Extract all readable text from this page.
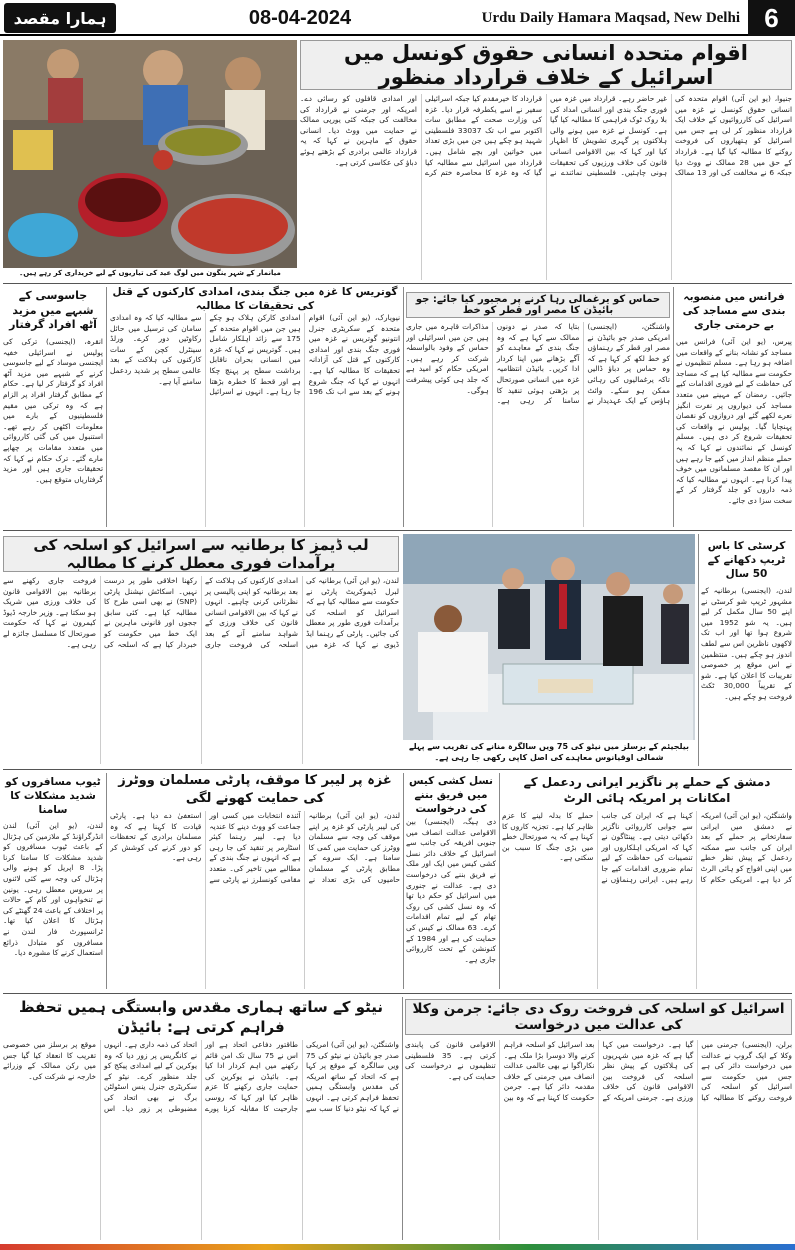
ہمارا مقصد	08-04-2024	Urdu Daily Hamara Maqsad, New Delhi 6
میانمار کے شہر ینگون میں لوگ عید کی تیاریوں کے لیے خریداری کر رہے ہیں۔
اقوام متحدہ انسانی حقوق کونسل میں اسرائیل کے خلاف قرارداد منظور
جنیوا، (یو این آئی) اقوام متحدہ کی انسانی حقوق کونسل نے غزہ میں اسرائیل کی کارروائیوں کے خلاف ایک قرارداد منظور کر لی ہے جس میں اسرائیل کو ہتھیاروں کی فروخت روکنے کا مطالبہ کیا گیا ہے۔ قرارداد کے حق میں 28 ممالک نے ووٹ دیا جبکہ 6 نے مخالفت کی اور 13 ممالک غیر حاضر رہے۔ قرارداد میں غزہ میں فوری جنگ بندی اور انسانی امداد کی بلا روک ٹوک فراہمی کا مطالبہ کیا گیا ہے۔ کونسل نے غزہ میں ہونے والی ہلاکتوں پر گہری تشویش کا اظہار کیا اور کہا کہ بین الاقوامی انسانی قانون کی خلاف ورزیوں کی تحقیقات ہونی چاہئیں۔ فلسطینی نمائندے نے قرارداد کا خیرمقدم کیا جبکہ اسرائیلی سفیر نے اسے یکطرفہ قرار دیا۔ غزہ کی وزارت صحت کے مطابق سات اکتوبر سے اب تک 33037 فلسطینی شہید ہو چکے ہیں جن میں بڑی تعداد میں خواتین اور بچے شامل ہیں۔ قرارداد میں اسرائیل سے مطالبہ کیا گیا کہ وہ غزہ کا محاصرہ ختم کرے اور امدادی قافلوں کو رسائی دے۔ امریکہ اور جرمنی نے قرارداد کی مخالفت کی جبکہ کئی یورپی ممالک نے حمایت میں ووٹ دیا۔ انسانی حقوق کے ماہرین نے کہا کہ یہ قرارداد عالمی برادری کے بڑھتے ہوئے دباؤ کی عکاسی کرتی ہے۔
جاسوسی کے شبہے میں مزید آٹھ افراد گرفتار
انقرہ، (ایجنسی) ترکی کی پولیس نے اسرائیلی خفیہ ایجنسی موساد کے لیے جاسوسی کرنے کے شبہے میں مزید آٹھ افراد کو گرفتار کر لیا ہے۔ حکام کے مطابق گرفتار افراد پر الزام ہے کہ وہ ترکی میں مقیم فلسطینیوں کے بارے میں معلومات اکٹھی کر رہے تھے۔ استنبول میں کی گئی کارروائی میں متعدد مقامات پر چھاپے مارے گئے۔ ترک حکام نے کہا کہ تحقیقات جاری ہیں اور مزید گرفتاریاں متوقع ہیں۔
گوتریس کا غزہ میں جنگ بندی، امدادی کارکنوں کے قتل کی تحقیقات کا مطالبہ
نیویارک، (یو این آئی) اقوام متحدہ کے سکریٹری جنرل انتونیو گوتریس نے غزہ میں فوری جنگ بندی اور امدادی کارکنوں کے قتل کی آزادانہ تحقیقات کا مطالبہ کیا ہے۔ انہوں نے کہا کہ جنگ شروع ہونے کے بعد سے اب تک 196 امدادی کارکن ہلاک ہو چکے ہیں جن میں اقوام متحدہ کے 175 سے زائد اہلکار شامل ہیں۔ گوتریس نے کہا کہ غزہ میں انسانی بحران ناقابل برداشت سطح پر پہنچ چکا ہے اور قحط کا خطرہ بڑھتا جا رہا ہے۔ انہوں نے اسرائیل سے مطالبہ کیا کہ وہ امدادی سامان کی ترسیل میں حائل رکاوٹیں دور کرے۔ ورلڈ سینٹرل کچن کے سات کارکنوں کی ہلاکت کے بعد عالمی سطح پر شدید ردعمل سامنے آیا ہے۔
حماس کو یرغمالی رہا کرنے پر مجبور کیا جائے: جو بائیڈن کا مصر اور قطر کو خط
واشنگٹن، (ایجنسی) امریکی صدر جو بائیڈن نے مصر اور قطر کے رہنماؤں کو خط لکھ کر کہا ہے کہ وہ حماس پر دباؤ ڈالیں تاکہ یرغمالیوں کی رہائی ممکن ہو سکے۔ وائٹ ہاؤس کے ایک عہدیدار نے بتایا کہ صدر نے دونوں ممالک سے کہا ہے کہ وہ جنگ بندی کے معاہدے کو آگے بڑھانے میں اپنا کردار ادا کریں۔ بائیڈن انتظامیہ غزہ میں انسانی صورتحال پر بڑھتی ہوئی تنقید کا سامنا کر رہی ہے۔ مذاکرات قاہرہ میں جاری ہیں جن میں اسرائیلی اور حماس کے وفود بالواسطہ شرکت کر رہے ہیں۔ امریکی حکام کو امید ہے کہ جلد ہی کوئی پیشرفت ہوگی۔
فرانس میں منصوبہ بندی سے مساجد کی بے حرمتی جاری
پیرس، (یو این آئی) فرانس میں مساجد کو نشانہ بنانے کے واقعات میں اضافہ ہو رہا ہے۔ مسلم تنظیموں نے حکومت سے مطالبہ کیا ہے کہ مساجد کی حفاظت کے لیے فوری اقدامات کیے جائیں۔ رمضان کے مہینے میں متعدد مساجد کی دیواروں پر نفرت انگیز نعرے لکھے گئے اور دروازوں کو نقصان پہنچایا گیا۔ پولیس نے واقعات کی تحقیقات شروع کر دی ہیں۔ مسلم کونسل کے نمائندوں نے کہا کہ یہ حملے منظم انداز میں کیے جا رہے ہیں اور ان کا مقصد مسلمانوں میں خوف پیدا کرنا ہے۔ انہوں نے مطالبہ کیا کہ ذمہ داروں کو جلد گرفتار کر کے سخت سزا دی جائے۔
لب ڈیمز کا برطانیہ سے اسرائیل کو اسلحہ کی برآمدات فوری معطل کرنے کا مطالبہ
لندن، (یو این آئی) برطانیہ کی لبرل ڈیموکریٹ پارٹی نے حکومت سے مطالبہ کیا ہے کہ اسرائیل کو اسلحہ کی برآمدات فوری طور پر معطل کی جائیں۔ پارٹی کے رہنما ایڈ ڈیوی نے کہا کہ غزہ میں امدادی کارکنوں کی ہلاکت کے بعد برطانیہ کو اپنی پالیسی پر نظرثانی کرنی چاہیے۔ انہوں نے کہا کہ بین الاقوامی انسانی قانون کی خلاف ورزی کے شواہد سامنے آنے کے بعد اسلحہ کی فروخت جاری رکھنا اخلاقی طور پر درست نہیں۔ اسکاٹش نیشنل پارٹی (SNP) نے بھی اسی طرح کا مطالبہ کیا ہے۔ کئی سابق ججوں اور قانونی ماہرین نے ایک خط میں حکومت کو خبردار کیا ہے کہ اسلحہ کی فروخت جاری رکھنے سے برطانیہ بین الاقوامی قانون کی خلاف ورزی میں شریک ہو سکتا ہے۔ وزیر خارجہ ڈیوڈ کیمرون نے کہا کہ حکومت صورتحال کا مسلسل جائزہ لے رہی ہے۔
بیلجیئم کے برسلز میں نیٹو کی 75 ویں سالگرہ منانے کی تقریب سے پہلے شمالی اوقیانوس معاہدے کی اصل کاپی رکھی جا رہی ہے۔
کرسٹی کا باس ٹریپ دکھانے کے 50 سال
لندن، (ایجنسی) برطانیہ کے مشہور ٹریپ شو کرسٹی نے اپنے 50 سال مکمل کر لیے ہیں۔ یہ شو 1952 میں شروع ہوا تھا اور اب تک لاکھوں ناظرین اس سے لطف اندوز ہو چکے ہیں۔ منتظمین نے اس موقع پر خصوصی تقریبات کا اعلان کیا ہے۔ شو کے تقریباً 30,000 ٹکٹ فروخت ہو چکے ہیں۔
ٹیوب مسافروں کو شدید مشکلات کا سامنا
لندن، (یو این آئی) لندن انڈرگراؤنڈ کے ملازمین کی ہڑتال کے باعث ٹیوب مسافروں کو شدید مشکلات کا سامنا کرنا پڑا۔ 8 اپریل کو ہونے والی ہڑتال کی وجہ سے کئی لائنوں پر سروس معطل رہی۔ یونین نے تنخواہوں اور کام کے حالات پر اختلاف کے باعث 24 گھنٹے کی ہڑتال کا اعلان کیا تھا۔ ٹرانسپورٹ فار لندن نے مسافروں کو متبادل ذرائع استعمال کرنے کا مشورہ دیا۔
غزہ پر لیبر کا موقف، پارٹی مسلمان ووٹرز کی حمایت کھونے لگی
لندن، (یو این آئی) برطانیہ کی لیبر پارٹی کو غزہ پر اپنے موقف کی وجہ سے مسلمان ووٹرز کی حمایت میں کمی کا سامنا ہے۔ ایک سروے کے مطابق پارٹی کے مسلمان حامیوں کی بڑی تعداد نے آئندہ انتخابات میں کسی اور جماعت کو ووٹ دینے کا عندیہ دیا ہے۔ لیبر رہنما کیئر اسٹارمر پر تنقید کی جا رہی ہے کہ انہوں نے جنگ بندی کے مطالبے میں تاخیر کی۔ متعدد مقامی کونسلرز نے پارٹی سے استعفیٰ دے دیا ہے۔ پارٹی قیادت کا کہنا ہے کہ وہ مسلمان برادری کے تحفظات کو دور کرنے کی کوشش کر رہی ہے۔
نسل کشی کیس میں فریق بننے کی درخواست
دی ہیگ، (ایجنسی) بین الاقوامی عدالت انصاف میں جنوبی افریقہ کی جانب سے اسرائیل کے خلاف دائر نسل کشی کیس میں ایک اور ملک نے فریق بننے کی درخواست دی ہے۔ عدالت نے جنوری میں اسرائیل کو حکم دیا تھا کہ وہ نسل کشی کی روک تھام کے لیے تمام اقدامات کرے۔ 63 ممالک نے کیس کی حمایت کی ہے اور 1984 کے کنونشن کے تحت کارروائی جاری ہے۔
دمشق کے حملے پر ناگزیر ایرانی ردعمل کے امکانات پر امریکہ ہائی الرٹ
واشنگٹن، (یو این آئی) امریکہ نے دمشق میں ایرانی سفارتخانے پر حملے کے بعد ایران کی جانب سے ممکنہ ردعمل کے پیش نظر خطے میں اپنی افواج کو ہائی الرٹ کر دیا ہے۔ امریکی حکام کا کہنا ہے کہ ایران کی جانب سے جوابی کارروائی ناگزیر دکھائی دیتی ہے۔ پینٹاگون نے کہا کہ امریکی اہلکاروں اور تنصیبات کی حفاظت کے لیے تمام ضروری اقدامات کیے جا رہے ہیں۔ ایرانی رہنماؤں نے حملے کا بدلہ لینے کا عزم ظاہر کیا ہے۔ تجزیہ کاروں کا کہنا ہے کہ یہ صورتحال خطے میں بڑی جنگ کا سبب بن سکتی ہے۔
نیٹو کے ساتھ ہماری مقدس وابستگی ہمیں تحفظ فراہم کرتی ہے: بائیڈن
واشنگٹن، (یو این آئی) امریکی صدر جو بائیڈن نے نیٹو کی 75 ویں سالگرہ کے موقع پر کہا ہے کہ اتحاد کے ساتھ امریکہ کی مقدس وابستگی ہمیں تحفظ فراہم کرتی ہے۔ انہوں نے کہا کہ نیٹو دنیا کا سب سے طاقتور دفاعی اتحاد ہے اور اس نے 75 سال تک امن قائم رکھنے میں اہم کردار ادا کیا ہے۔ بائیڈن نے یوکرین کی حمایت جاری رکھنے کا عزم ظاہر کیا اور کہا کہ روسی جارحیت کا مقابلہ کرنا پورے اتحاد کی ذمہ داری ہے۔ انہوں نے کانگریس پر زور دیا کہ وہ یوکرین کے لیے امدادی پیکج کو جلد منظور کرے۔ نیٹو کے سکریٹری جنرل ینس اسٹولٹن برگ نے بھی اتحاد کی مضبوطی پر زور دیا۔ اس موقع پر برسلز میں خصوصی تقریب کا انعقاد کیا گیا جس میں رکن ممالک کے وزرائے خارجہ نے شرکت کی۔
اسرائیل کو اسلحہ کی فروخت روک دی جائے: جرمن وکلا کی عدالت میں درخواست
برلن، (ایجنسی) جرمنی میں وکلا کے ایک گروپ نے عدالت میں درخواست دائر کی ہے جس میں حکومت سے اسرائیل کو اسلحہ کی فروخت روکنے کا مطالبہ کیا گیا ہے۔ درخواست میں کہا گیا ہے کہ غزہ میں شہریوں کی ہلاکتوں کے پیش نظر اسلحہ کی فروخت بین الاقوامی قانون کی خلاف ورزی ہے۔ جرمنی امریکہ کے بعد اسرائیل کو اسلحہ فراہم کرنے والا دوسرا بڑا ملک ہے۔ نکاراگوا نے بھی عالمی عدالت انصاف میں جرمنی کے خلاف مقدمہ دائر کیا ہے۔ جرمن حکومت کا کہنا ہے کہ وہ بین الاقوامی قانون کی پابندی کرتی ہے۔ 35 فلسطینی تنظیموں نے درخواست کی حمایت کی ہے۔
